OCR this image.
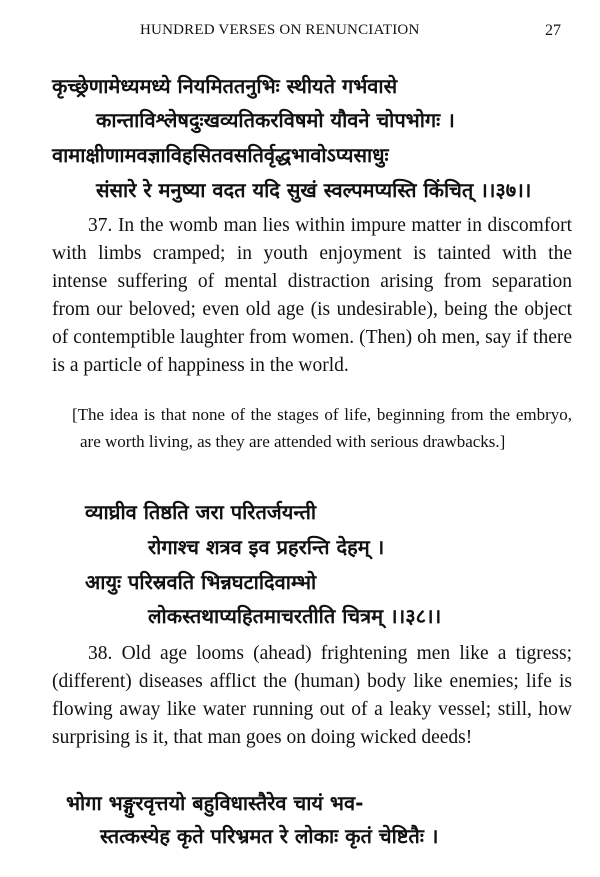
HUNDRED VERSES ON RENUNCIATION	27
कृच्छ्रेणामेध्यमध्ये नियमिततनुभिः स्थीयते गर्भवासे
कान्ताविश्लेषदुःखव्यतिकरविषमो यौवने चोपभोगः ।
वामाक्षीणामवज्ञाविहसितवसतिर्वृद्धभावोऽप्यसाधुः
संसारे रे मनुष्या वदत यदि सुखं स्वल्पमप्यस्ति किंचित् ।।३७।।

37. In the womb man lies within impure matter in discomfort with limbs cramped; in youth enjoyment is tainted with the intense suffering of mental distraction arising from separation from our beloved; even old age (is undesirable), being the object of contemptible laughter from women. (Then) oh men, say if there is a particle of happiness in the world.

[The idea is that none of the stages of life, beginning from the embryo, are worth living, as they are attended with serious drawbacks.]

व्याघ्रीव तिष्ठति जरा परितर्जयन्ती
रोगाश्च शत्रव इव प्रहरन्ति देहम् ।
आयुः परिस्रवति भिन्नघटादिवाम्भो
लोकस्तथाप्यहितमाचरतीति चित्रम् ।।३८।।

38. Old age looms (ahead) frightening men like a tigress; (different) diseases afflict the (human) body like enemies; life is flowing away like water running out of a leaky vessel; still, how surprising is it, that man goes on doing wicked deeds!

भोगा भङ्गुरवृत्तयो बहुविधास्तैरेव चायं भव-
स्तत्कस्येह कृते परिभ्रमत रे लोकाः कृतं चेष्टितैः ।
